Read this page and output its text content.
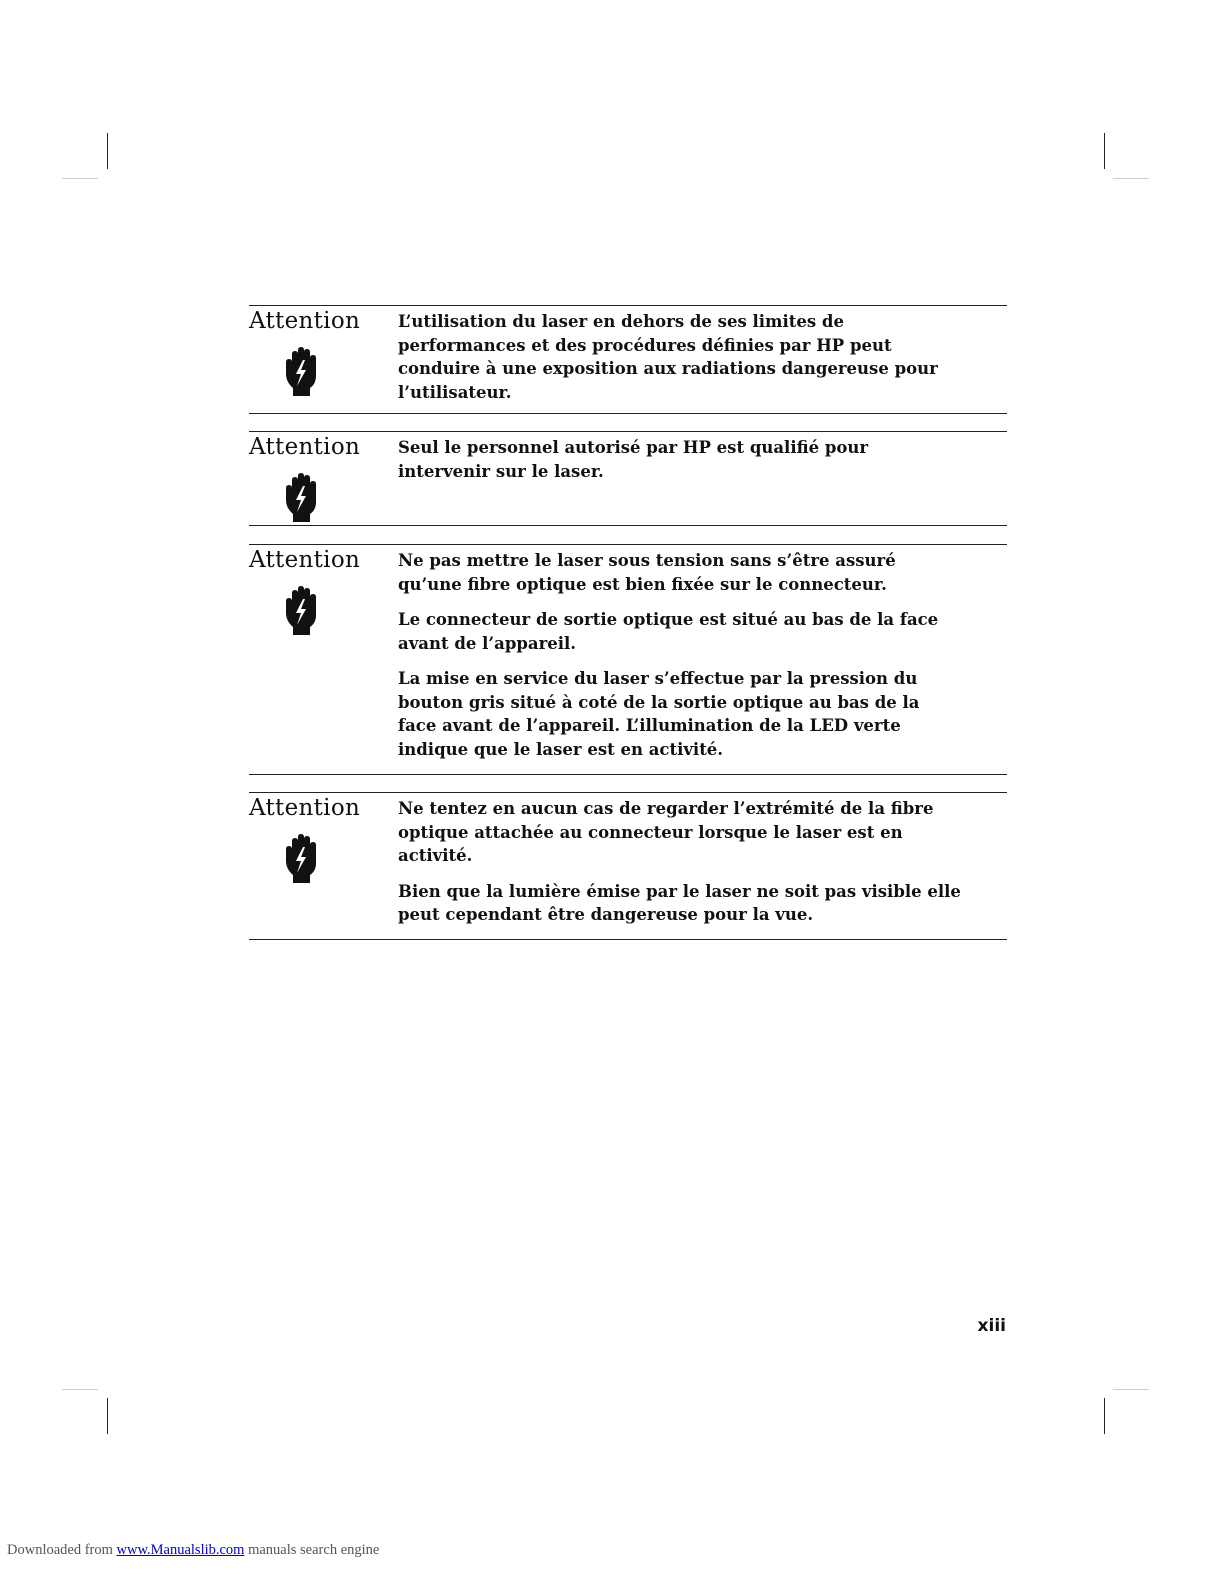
Attention L’utilisation du laser en dehors de ses limites de
performances et des procédures définies par HP peut
conduire à une exposition aux radiations dangereuse pour
l’utilisateur.

Attention Seul le personnel autorisé par HP est qualifié pour
intervenir sur le laser.

Attention Ne pas mettre le laser sous tension sans s’être assuré
qu’une fibre optique est bien fixée sur le connecteur.

Le connecteur de sortie optique est situé au bas de la face
avant de l’appareil.

La mise en service du laser s’effectue par la pression du
bouton gris situé à coté de la sortie optique au bas de la
face avant de l’appareil. L’illumination de la LED verte
indique que le laser est en activité.

Attention Ne tentez en aucun cas de regarder l’extrémité de la fibre
optique attachée au connecteur lorsque le laser est en
activité.

Bien que la lumière émise par le laser ne soit pas visible elle
peut cependant être dangereuse pour la vue.

xiii
Downloaded from www.Manualslib.com manuals search engine
